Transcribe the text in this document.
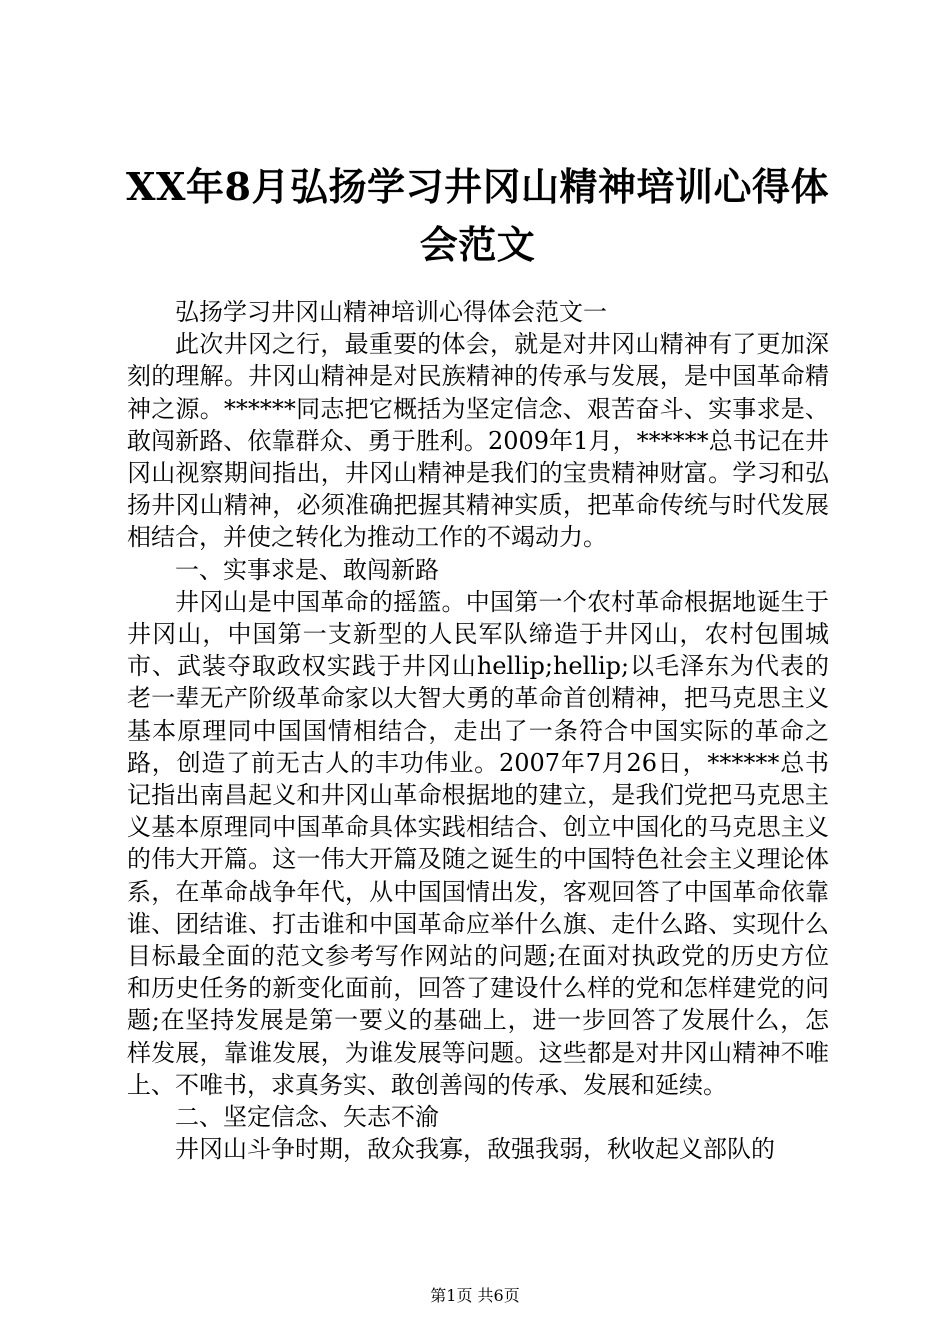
XX年8月弘扬学习井冈山精神培训心得体会范文

弘扬学习井冈山精神培训心得体会范文一

此次井冈之行，最重要的体会，就是对井冈山精神有了更加深刻的理解。井冈山精神是对民族精神的传承与发展，是中国革命精神之源。******同志把它概括为坚定信念、艰苦奋斗、实事求是、敢闯新路、依靠群众、勇于胜利。2009年1月，******总书记在井冈山视察期间指出，井冈山精神是我们的宝贵精神财富。学习和弘扬井冈山精神，必须准确把握其精神实质，把革命传统与时代发展相结合，并使之转化为推动工作的不竭动力。

一、实事求是、敢闯新路

井冈山是中国革命的摇篮。中国第一个农村革命根据地诞生于井冈山，中国第一支新型的人民军队缔造于井冈山，农村包围城市、武装夺取政权实践于井冈山hellip;hellip;以毛泽东为代表的老一辈无产阶级革命家以大智大勇的革命首创精神，把马克思主义基本原理同中国国情相结合，走出了一条符合中国实际的革命之路，创造了前无古人的丰功伟业。2007年7月26日，******总书记指出南昌起义和井冈山革命根据地的建立，是我们党把马克思主义基本原理同中国革命具体实践相结合、创立中国化的马克思主义的伟大开篇。这一伟大开篇及随之诞生的中国特色社会主义理论体系，在革命战争年代，从中国国情出发，客观回答了中国革命依靠谁、团结谁、打击谁和中国革命应举什么旗、走什么路、实现什么目标最全面的范文参考写作网站的问题;在面对执政党的历史方位和历史任务的新变化面前，回答了建设什么样的党和怎样建党的问题;在坚持发展是第一要义的基础上，进一步回答了发展什么，怎样发展，靠谁发展，为谁发展等问题。这些都是对井冈山精神不唯上、不唯书，求真务实、敢创善闯的传承、发展和延续。

二、坚定信念、矢志不渝

井冈山斗争时期，敌众我寡，敌强我弱，秋收起义部队的

第1页 共6页
